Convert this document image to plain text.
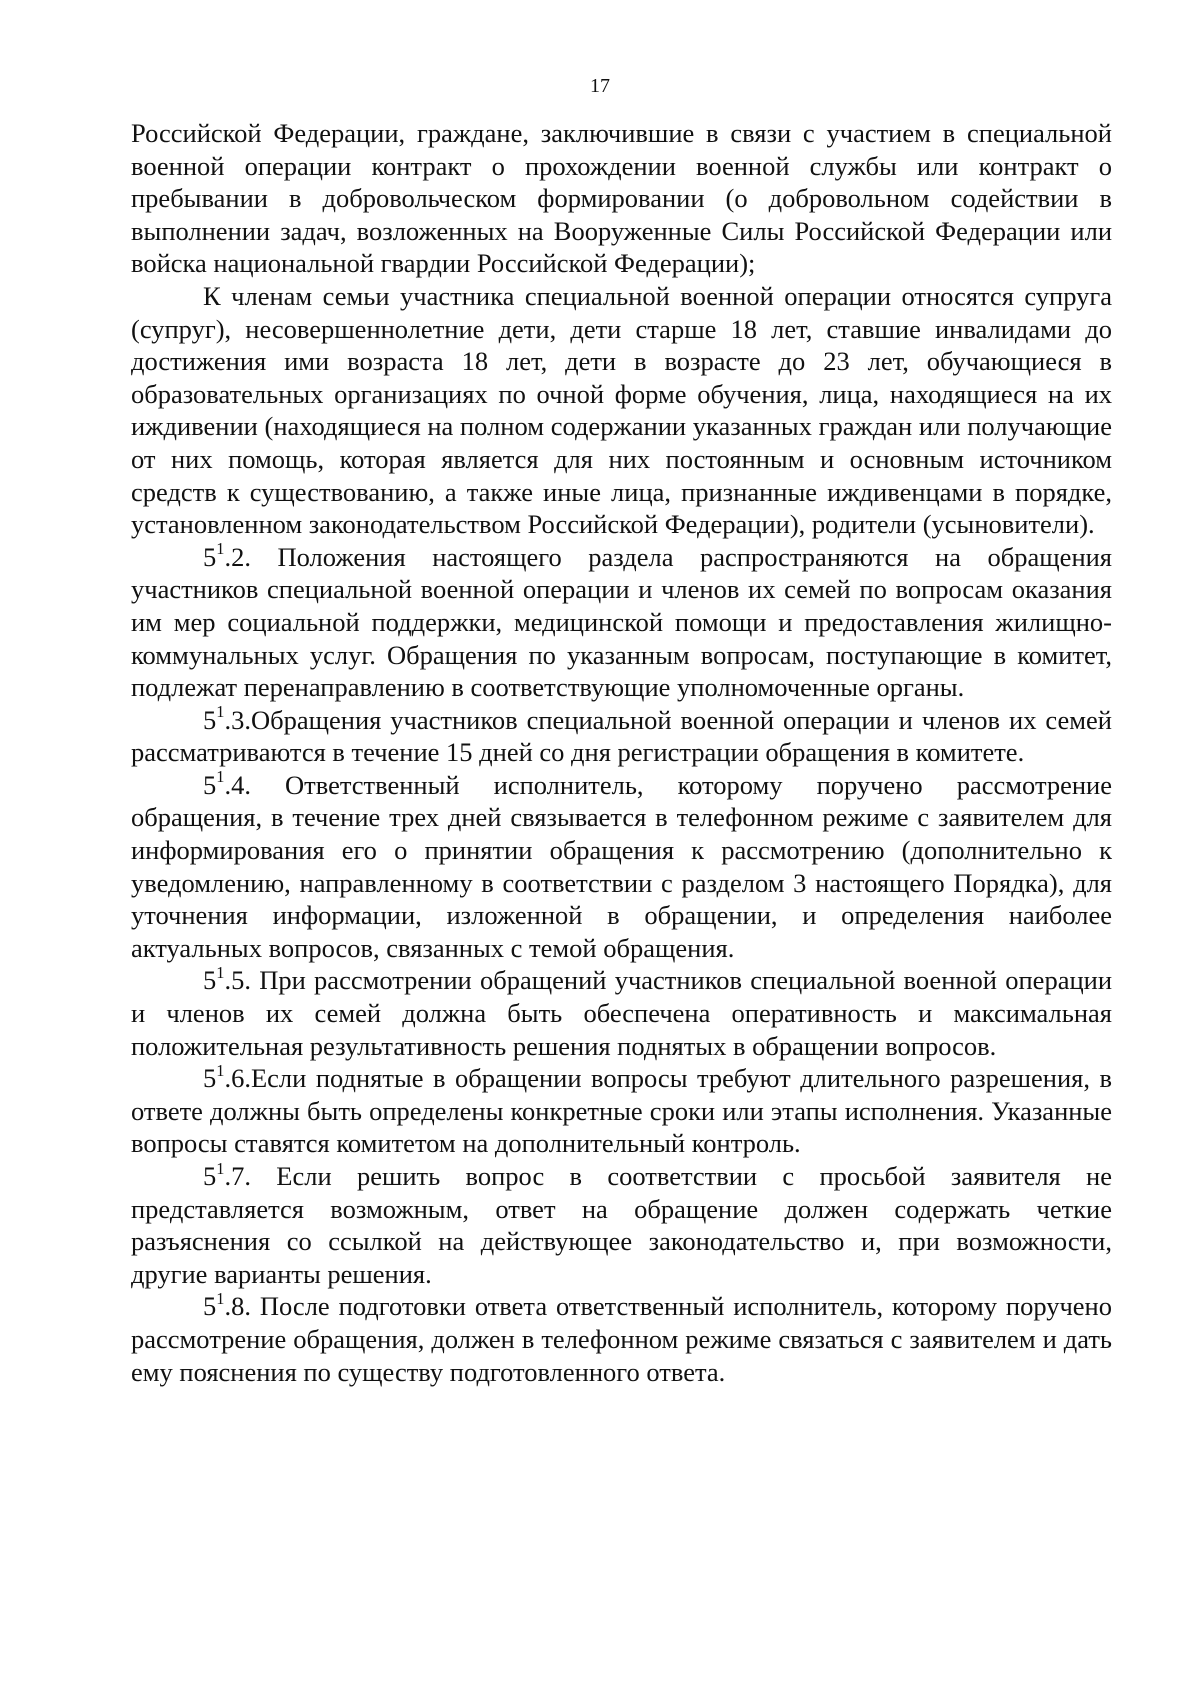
17

Российской Федерации, граждане, заключившие в связи с участием в специальной военной операции контракт о прохождении военной службы или контракт о пребывании в добровольческом формировании (о добровольном содействии в выполнении задач, возложенных на Вооруженные Силы Российской Федерации или войска национальной гвардии Российской Федерации);

К членам семьи участника специальной военной операции относятся супруга (супруг), несовершеннолетние дети, дети старше 18 лет, ставшие инвалидами до достижения ими возраста 18 лет, дети в возрасте до 23 лет, обучающиеся в образовательных организациях по очной форме обучения, лица, находящиеся на их иждивении (находящиеся на полном содержании указанных граждан или получающие от них помощь, которая является для них постоянным и основным источником средств к существованию, а также иные лица, признанные иждивенцами в порядке, установленном законодательством Российской Федерации), родители (усыновители).

$5^1.2$. Положения настоящего раздела распространяются на обращения участников специальной военной операции и членов их семей по вопросам оказания им мер социальной поддержки, медицинской помощи и предоставления жилищно-коммунальных услуг. Обращения по указанным вопросам, поступающие в комитет, подлежат перенаправлению в соответствующие уполномоченные органы.

$5^1.3.Обращения$ участников специальной военной операции и членов их семей рассматриваются в течение 15 дней со дня регистрации обращения в комитете.

$5^1.4$. Ответственный исполнитель, которому поручено рассмотрение обращения, в течение трех дней связывается в телефонном режиме с заявителем для информирования его о принятии обращения к рассмотрению (дополнительно к уведомлению, направленному в соответствии с разделом 3 настоящего Порядка), для уточнения информации, изложенной в обращении, и определения наиболее актуальных вопросов, связанных с темой обращения.

$5^1.5$. При рассмотрении обращений участников специальной военной операции и членов их семей должна быть обеспечена оперативность и максимальная положительная результативность решения поднятых в обращении вопросов.

$5^1.6.Если$ поднятые в обращении вопросы требуют длительного разрешения, в ответе должны быть определены конкретные сроки или этапы исполнения. Указанные вопросы ставятся комитетом на дополнительный контроль.

$5^1.7$. Если решить вопрос в соответствии с просьбой заявителя не представляется возможным, ответ на обращение должен содержать четкие разъяснения со ссылкой на действующее законодательство и, при возможности, другие варианты решения.

$5^1.8$. После подготовки ответа ответственный исполнитель, которому поручено рассмотрение обращения, должен в телефонном режиме связаться с заявителем и дать ему пояснения по существу подготовленного ответа.
